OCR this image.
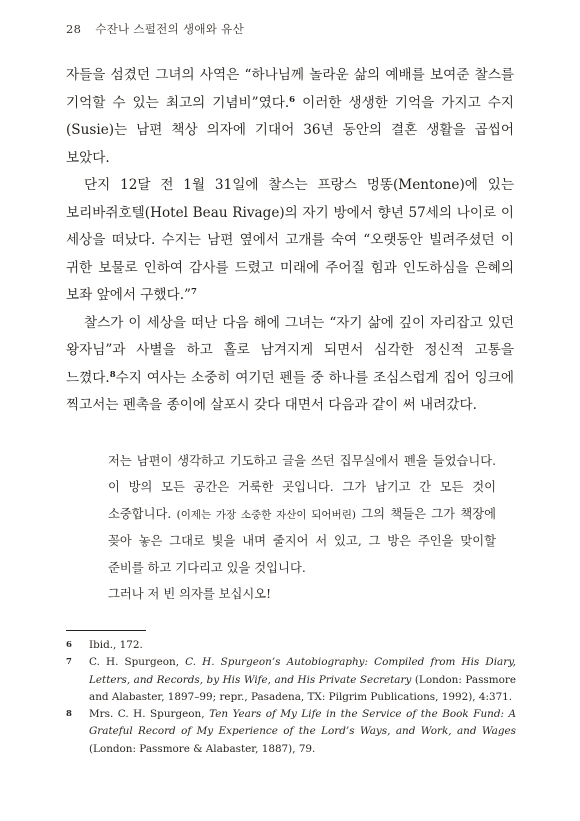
28 수잔나 스펄전의 생애와 유산

자들을 섬겼던 그녀의 사역은 “하나님께 놀라운 삶의 예배를 보여준 찰스를 기억할 수 있는 최고의 기념비”였다.$^6$ 이러한 생생한 기억을 가지고 수지(Susie)는 남편 책상 의자에 기대어 36년 동안의 결혼 생활을 곱씹어 보았다.

단지 12달 전 1월 31일에 찰스는 프랑스 멍똥(Mentone)에 있는 보리바쥐호텔(Hotel Beau Rivage)의 자기 방에서 향년 57세의 나이로 이 세상을 떠났다. 수지는 남편 옆에서 고개를 숙여 “오랫동안 빌려주셨던 이 귀한 보물로 인하여 감사를 드렸고 미래에 주어질 힘과 인도하심을 은혜의 보좌 앞에서 구했다.”$^7$

찰스가 이 세상을 떠난 다음 해에 그녀는 “자기 삶에 깊이 자리잡고 있던 왕자님”과 사별을 하고 홀로 남겨지게 되면서 심각한 정신적 고통을 느꼈다.$^8$수지 여사는 소중히 여기던 펜들 중 하나를 조심스럽게 집어 잉크에 찍고서는 펜촉을 종이에 살포시 갖다 대면서 다음과 같이 써 내려갔다.

저는 남편이 생각하고 기도하고 글을 쓰던 집무실에서 펜을 들었습니다. 이 방의 모든 공간은 거룩한 곳입니다. 그가 남기고 간 모든 것이 소중합니다. (이제는 가장 소중한 자산이 되어버린) 그의 책들은 그가 책장에 꽂아 놓은 그대로 빛을 내며 줄지어 서 있고, 그 방은 주인을 맞이할 준비를 하고 기다리고 있을 것입니다.

그러나 저 빈 의자를 보십시오!

6	Ibid., 172.
7	C. H. Spurgeon, C. H. Spurgeon’s Autobiography: Compiled from His Diary, Letters, and Records, by His Wife, and His Private Secretary (London: Passmore and Alabaster, 1897–99; repr., Pasadena, TX: Pilgrim Publications, 1992), 4:371.
8	Mrs. C. H. Spurgeon, Ten Years of My Life in the Service of the Book Fund: A Grateful Record of My Experience of the Lord’s Ways, and Work, and Wages (London: Passmore & Alabaster, 1887), 79.
